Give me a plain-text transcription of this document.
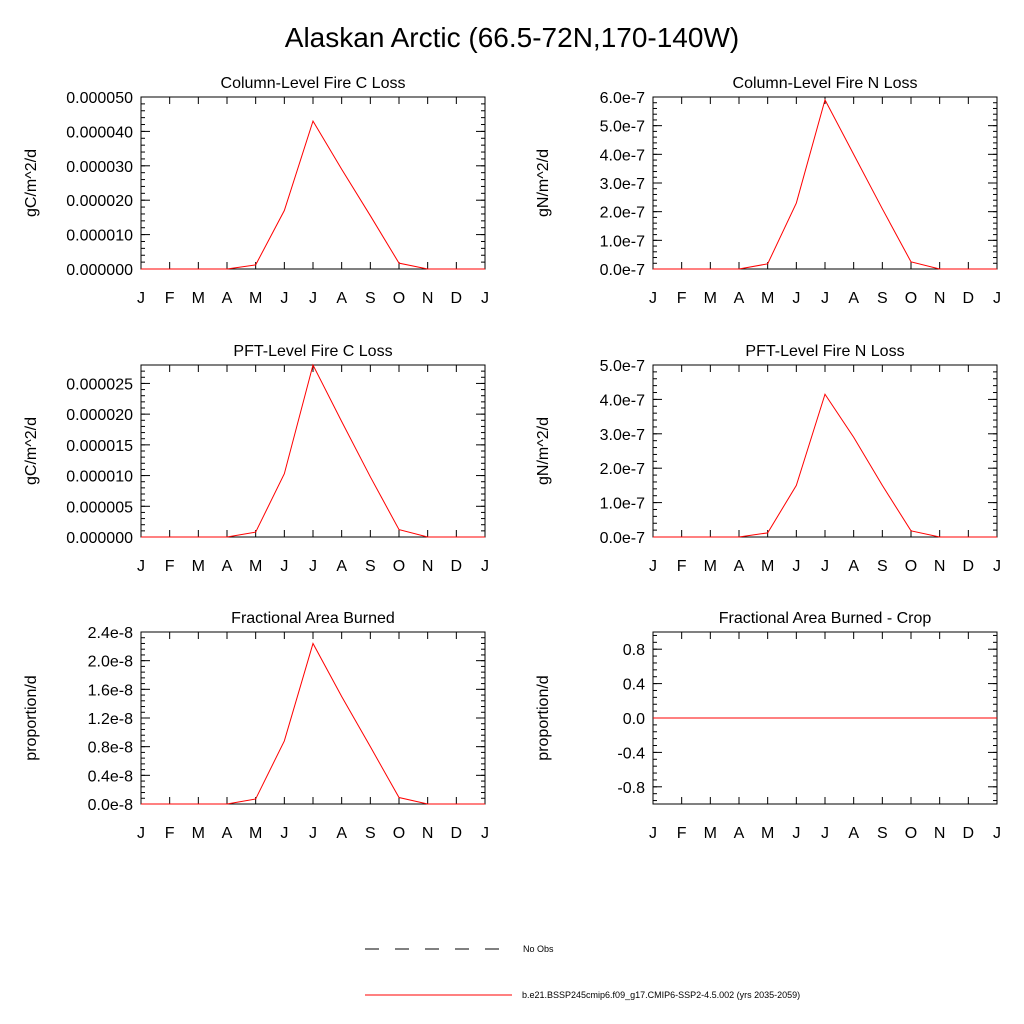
Alaskan Arctic (66.5-72N,170-140W)
Column-Level Fire C Loss
gC/m^2/d
J F M A M J J A S O N D J
0.000000
0.000010
0.000020
0.000030
0.000040
0.000050
Column-Level Fire N Loss
gN/m^2/d
J F M A M J J A S O N D J
0.0e-7
1.0e-7
2.0e-7
3.0e-7
4.0e-7
5.0e-7
6.0e-7
PFT-Level Fire C Loss
gC/m^2/d
J F M A M J J A S O N D J
0.000000
0.000005
0.000010
0.000015
0.000020
0.000025
PFT-Level Fire N Loss
gN/m^2/d
J F M A M J J A S O N D J
0.0e-7
1.0e-7
2.0e-7
3.0e-7
4.0e-7
5.0e-7
Fractional Area Burned
proportion/d
J F M A M J J A S O N D J
0.0e-8
0.4e-8
0.8e-8
1.2e-8
1.6e-8
2.0e-8
2.4e-8
Fractional Area Burned - Crop
proportion/d
J F M A M J J A S O N D J
-0.8
-0.4
0.0
0.4
0.8
No Obs
b.e21.BSSP245cmip6.f09_g17.CMIP6-SSP2-4.5.002 (yrs 2035-2059)
